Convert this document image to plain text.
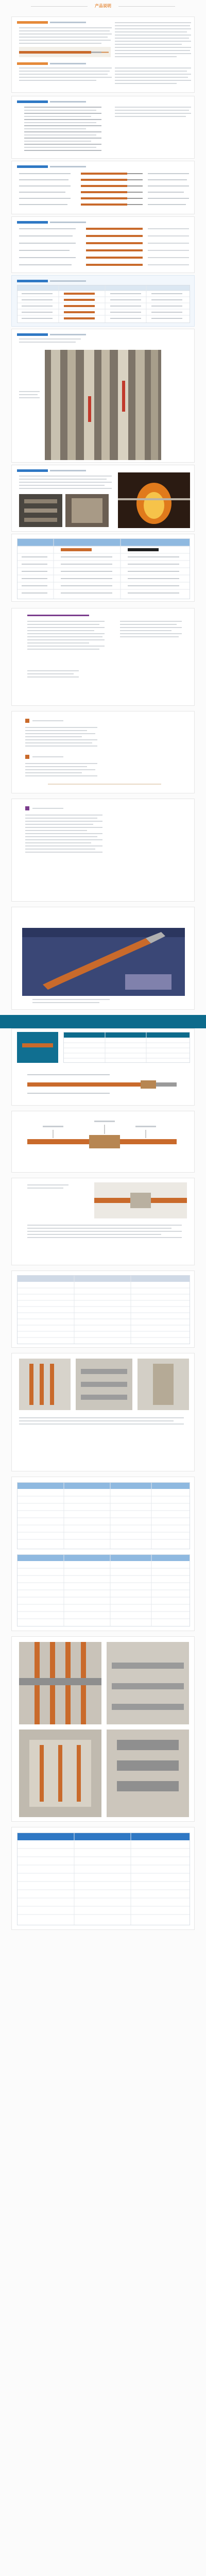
产品说明
